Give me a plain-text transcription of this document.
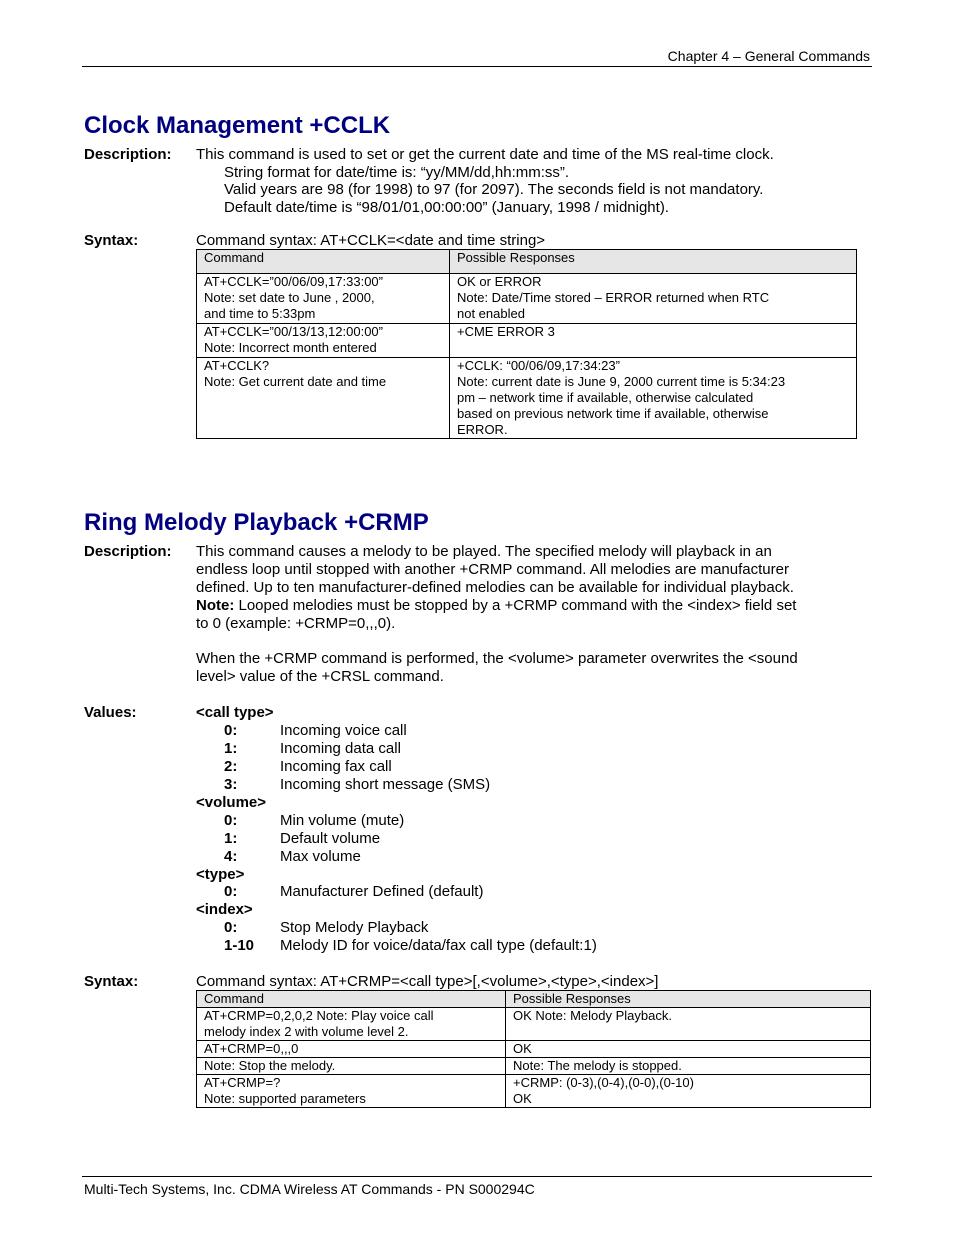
Chapter 4 – General Commands
Clock Management +CCLK
Description: This command is used to set or get the current date and time of the MS real-time clock.
String format for date/time is: “yy/MM/dd,hh:mm:ss”.
Valid years are 98 (for 1998) to 97 (for 2097). The seconds field is not mandatory.
Default date/time is “98/01/01,00:00:00” (January, 1998 / midnight).
Syntax:	Command syntax: AT+CCLK=<date and time string>
Command	Possible Responses
AT+CCLK=”00/06/09,17:33:00”
Note: set date to June , 2000,
and time to 5:33pm	OK or ERROR
Note: Date/Time stored – ERROR returned when RTC
not enabled
AT+CCLK=”00/13/13,12:00:00”
Note: Incorrect month entered	+CME ERROR 3
AT+CCLK?
Note: Get current date and time	+CCLK: “00/06/09,17:34:23”
Note: current date is June 9, 2000 current time is 5:34:23
pm – network time if available, otherwise calculated
based on previous network time if available, otherwise
ERROR.
Ring Melody Playback +CRMP
Description: This command causes a melody to be played. The specified melody will playback in an
endless loop until stopped with another +CRMP command. All melodies are manufacturer
defined. Up to ten manufacturer-defined melodies can be available for individual playback.
Note: Looped melodies must be stopped by a +CRMP command with the <index> field set
to 0 (example: +CRMP=0,,,0).
When the +CRMP command is performed, the <volume> parameter overwrites the <sound
level> value of the +CRSL command.
Values:	<call type>
0:	Incoming voice call
1:	Incoming data call
2:	Incoming fax call
3:	Incoming short message (SMS)
<volume>
0:	Min volume (mute)
1:	Default volume
4:	Max volume
<type>
0:	Manufacturer Defined (default)
<index>
0:	Stop Melody Playback
1-10 Melody ID for voice/data/fax call type (default:1)
Syntax:	Command syntax: AT+CRMP=<call type>[,<volume>,<type>,<index>]
Command	Possible Responses
AT+CRMP=0,2,0,2 Note: Play voice call
melody index 2 with volume level 2.	OK Note: Melody Playback.
AT+CRMP=0,,,0	OK
Note: Stop the melody.	Note: The melody is stopped.
AT+CRMP=?
Note: supported parameters	+CRMP: (0-3),(0-4),(0-0),(0-10)
OK
Multi-Tech Systems, Inc. CDMA Wireless AT Commands - PN S000294C
